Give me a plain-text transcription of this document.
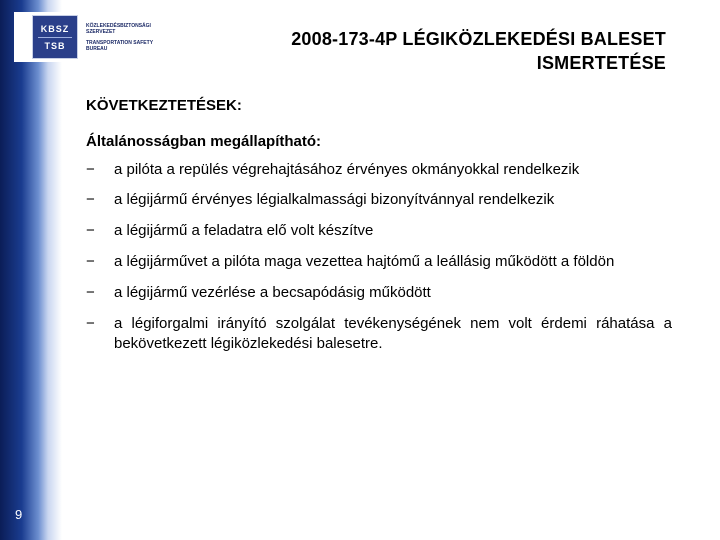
KBSZ
TSB
KÖZLEKEDÉSBIZTONSÁGI
SZERVEZET
TRANSPORTATION SAFETY
BUREAU	2008-173-4P LÉGIKÖZLEKEDÉSI BALESET
ISMERTETÉSE
KÖVETKEZTETÉSEK:
Általánosságban megállapítható:
−	a pilóta a repülés végrehajtásához érvényes okmányokkal rendelkezik
−	a légijármű érvényes légialkalmassági bizonyítvánnyal rendelkezik
−	a légijármű a feladatra elő volt készítve
−	a légijárművet a pilóta maga vezettea hajtómű a leállásig működött a földön
−	a légijármű vezérlése a becsapódásig működött
−	a légiforgalmi irányító szolgálat tevékenységének nem volt érdemi ráhatása a bekövetkezett légiközlekedési balesetre.
9
